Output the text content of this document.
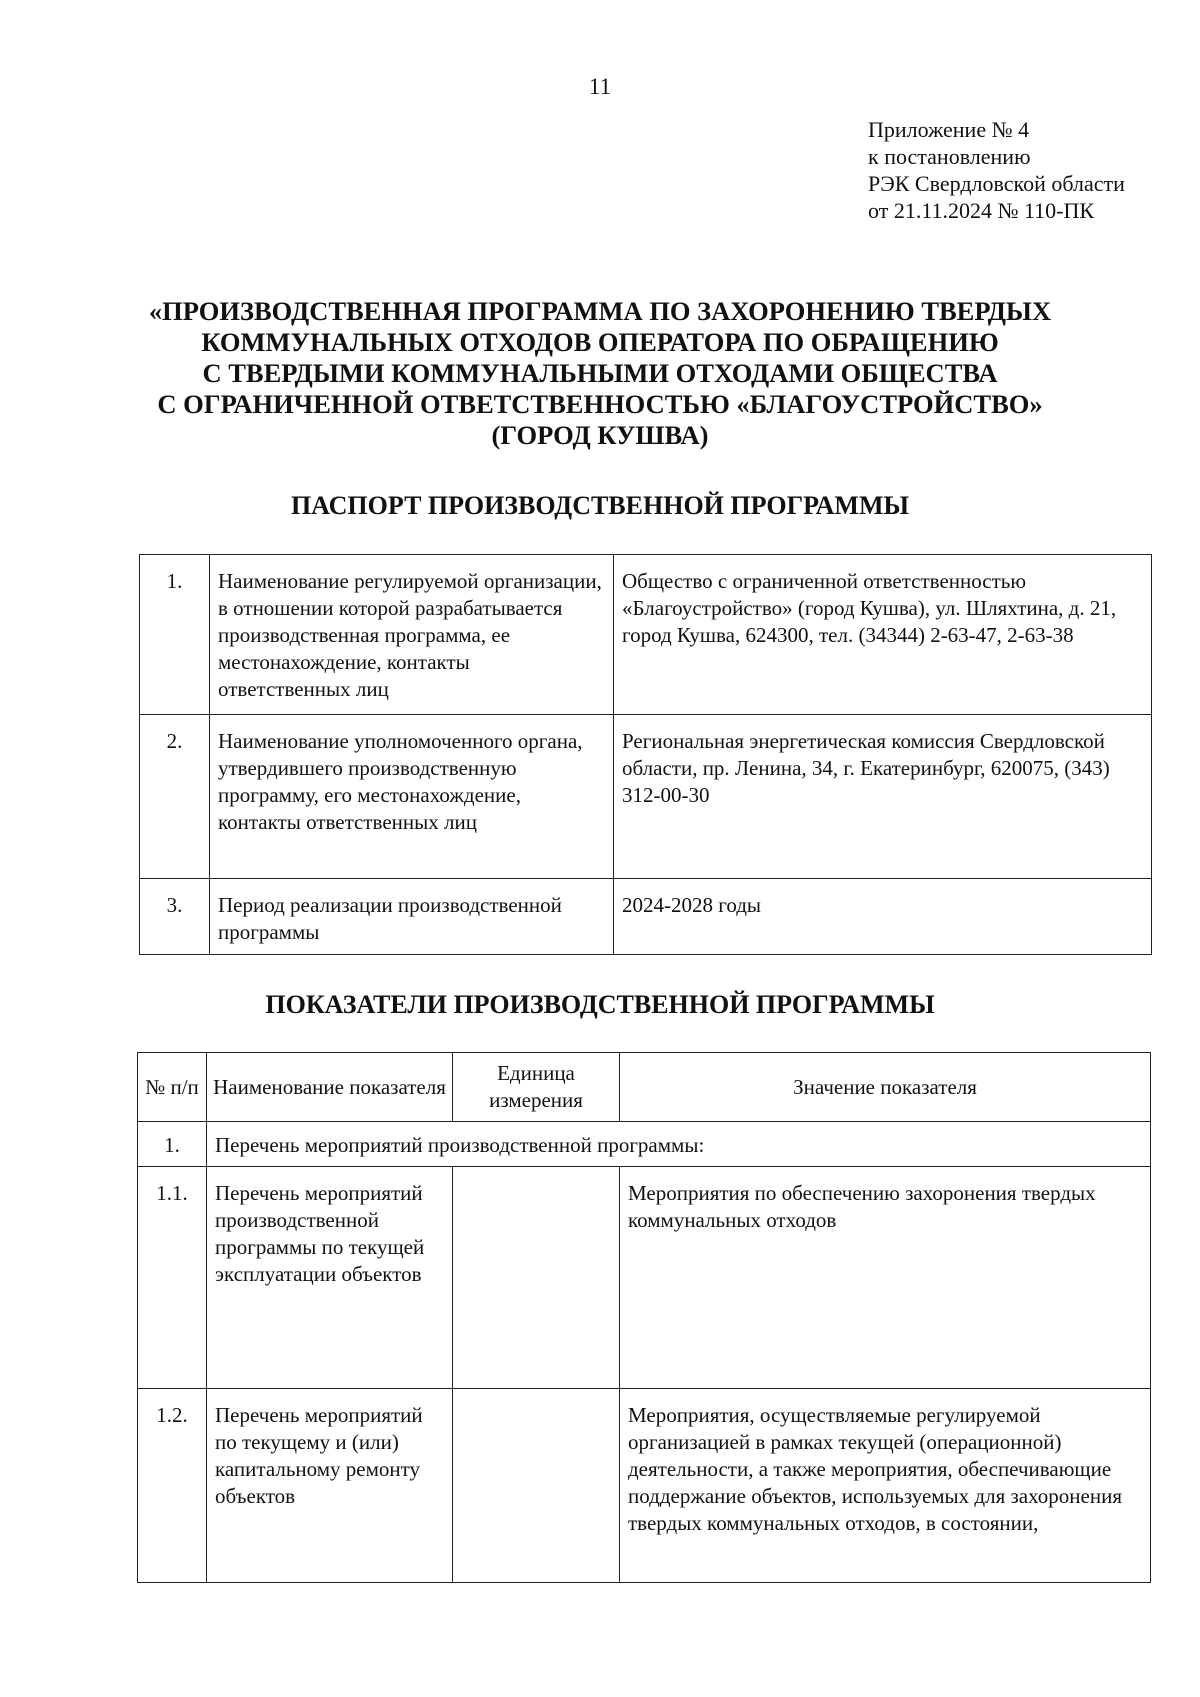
11
Приложение № 4
к постановлению
РЭК Свердловской области
от 21.11.2024 № 110-ПК
«ПРОИЗВОДСТВЕННАЯ ПРОГРАММА ПО ЗАХОРОНЕНИЮ ТВЕРДЫХ
КОММУНАЛЬНЫХ ОТХОДОВ ОПЕРАТОРА ПО ОБРАЩЕНИЮ
С ТВЕРДЫМИ КОММУНАЛЬНЫМИ ОТХОДАМИ ОБЩЕСТВА
С ОГРАНИЧЕННОЙ ОТВЕТСТВЕННОСТЬЮ «БЛАГОУСТРОЙСТВО»
(ГОРОД КУШВА)
ПАСПОРТ ПРОИЗВОДСТВЕННОЙ ПРОГРАММЫ
1.	Наименование регулируемой организации, в отношении которой разрабатывается производственная программа, ее местонахождение, контакты ответственных лиц	Общество с ограниченной ответственностью «Благоустройство» (город Кушва), ул. Шляхтина, д. 21, город Кушва, 624300, тел. (34344) 2-63-47, 2-63-38
2.	Наименование уполномоченного органа, утвердившего производственную программу, его местонахождение, контакты ответственных лиц	Региональная энергетическая комиссия Свердловской области, пр. Ленина, 34, г. Екатеринбург, 620075, (343) 312-00-30
3.	Период реализации производственной программы	2024-2028 годы
ПОКАЗАТЕЛИ ПРОИЗВОДСТВЕННОЙ ПРОГРАММЫ
№ п/п	Наименование показателя	Единица измерения	Значение показателя
1.	Перечень мероприятий производственной программы:		
1.1.	Перечень мероприятий производственной программы по текущей эксплуатации объектов		Мероприятия по обеспечению захоронения твердых коммунальных отходов
1.2.	Перечень мероприятий по текущему и (или) капитальному ремонту объектов		Мероприятия, осуществляемые регулируемой организацией в рамках текущей (операционной) деятельности, а также мероприятия, обеспечивающие поддержание объектов, используемых для захоронения твердых коммунальных отходов, в состоянии,
